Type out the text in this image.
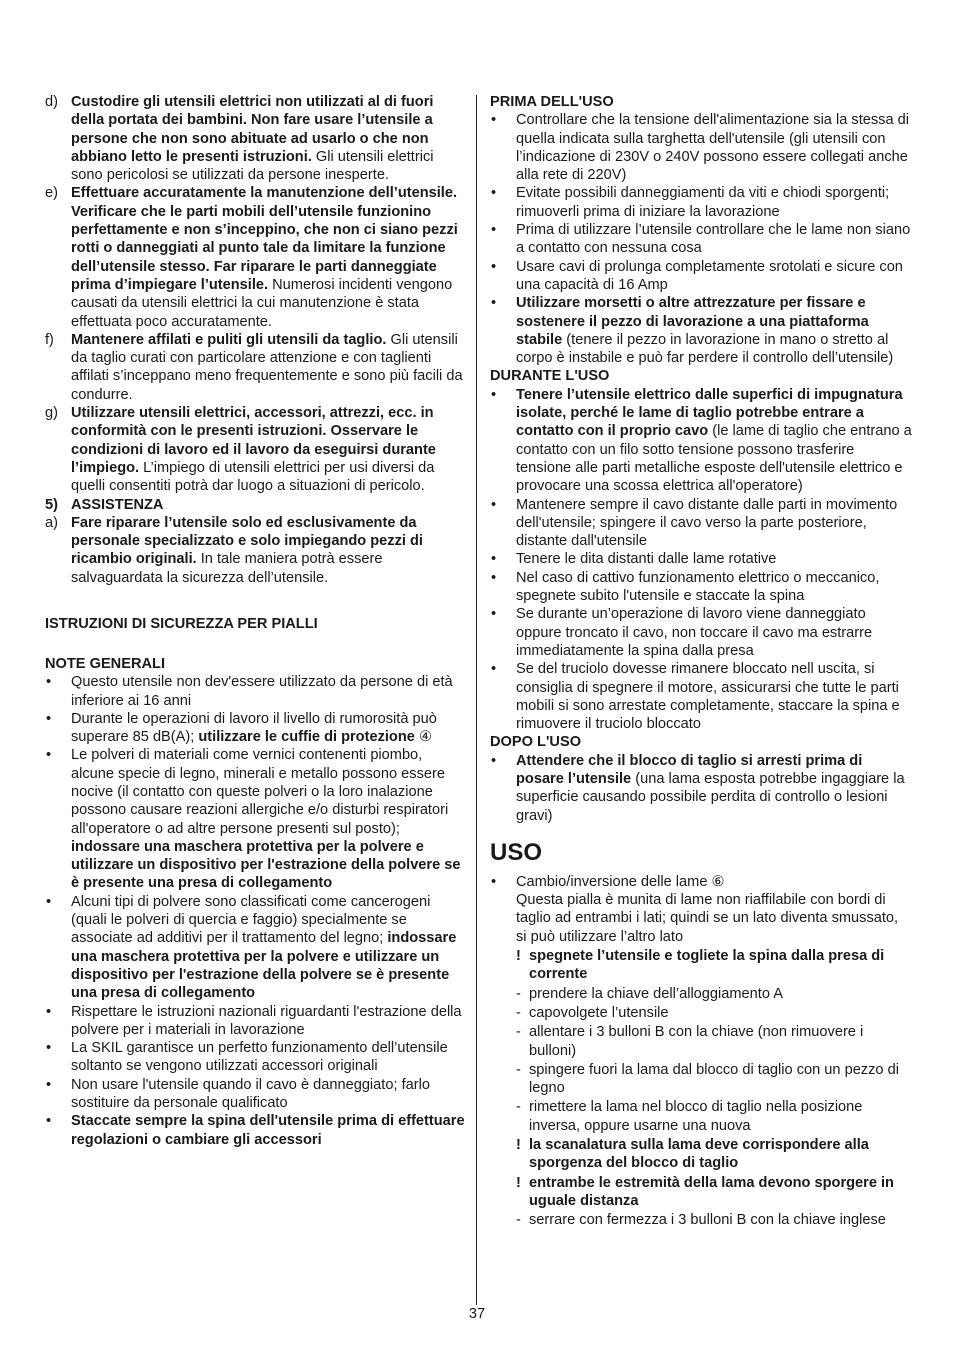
d) Custodire gli utensili elettrici non utilizzati al di fuori della portata dei bambini. Non fare usare l’utensile a persone che non sono abituate ad usarlo o che non abbiano letto le presenti istruzioni. Gli utensili elettrici sono pericolosi se utilizzati da persone inesperte.

e) Effettuare accuratamente la manutenzione dell’utensile. Verificare che le parti mobili dell’utensile funzionino perfettamente e non s’inceppino, che non ci siano pezzi rotti o danneggiati al punto tale da limitare la funzione dell’utensile stesso. Far riparare le parti danneggiate prima d’impiegare l’utensile. Numerosi incidenti vengono causati da utensili elettrici la cui manutenzione è stata effettuata poco accuratamente.

f) Mantenere affilati e puliti gli utensili da taglio. Gli utensili da taglio curati con particolare attenzione e con taglienti affilati s’inceppano meno frequentemente e sono più facili da condurre.

g) Utilizzare utensili elettrici, accessori, attrezzi, ecc. in conformità con le presenti istruzioni. Osservare le condizioni di lavoro ed il lavoro da eseguirsi durante l’impiego. L’impiego di utensili elettrici per usi diversi da quelli consentiti potrà dar luogo a situazioni di pericolo.

5) ASSISTENZA

a) Fare riparare l’utensile solo ed esclusivamente da personale specializzato e solo impiegando pezzi di ricambio originali. In tale maniera potrà essere salvaguardata la sicurezza dell’utensile.

ISTRUZIONI DI SICUREZZA PER PIALLI

NOTE GENERALI

• Questo utensile non dev'essere utilizzato da persone di età inferiore ai 16 anni

• Durante le operazioni di lavoro il livello di rumorosità può superare 85 dB(A); utilizzare le cuffie di protezione ④

• Le polveri di materiali come vernici contenenti piombo, alcune specie di legno, minerali e metallo possono essere nocive (il contatto con queste polveri o la loro inalazione possono causare reazioni allergiche e/o disturbi respiratori all'operatore o ad altre persone presenti sul posto); indossare una maschera protettiva per la polvere e utilizzare un dispositivo per l'estrazione della polvere se è presente una presa di collegamento

• Alcuni tipi di polvere sono classificati come cancerogeni (quali le polveri di quercia e faggio) specialmente se associate ad additivi per il trattamento del legno; indossare una maschera protettiva per la polvere e utilizzare un dispositivo per l'estrazione della polvere se è presente una presa di collegamento

• Rispettare le istruzioni nazionali riguardanti l'estrazione della polvere per i materiali in lavorazione

• La SKIL garantisce un perfetto funzionamento dell’utensile soltanto se vengono utilizzati accessori originali

• Non usare l'utensile quando il cavo è danneggiato; farlo sostituire da personale qualificato

• Staccate sempre la spina dell'utensile prima di effettuare regolazioni o cambiare gli accessori

PRIMA DELL'USO

• Controllare che la tensione dell'alimentazione sia la stessa di quella indicata sulla targhetta dell'utensile (gli utensili con l’indicazione di 230V o 240V possono essere collegati anche alla rete di 220V)

• Evitate possibili danneggiamenti da viti e chiodi sporgenti; rimuoverli prima di iniziare la lavorazione

• Prima di utilizzare l’utensile controllare che le lame non siano a contatto con nessuna cosa

• Usare cavi di prolunga completamente srotolati e sicure con una capacità di 16 Amp

• Utilizzare morsetti o altre attrezzature per fissare e sostenere il pezzo di lavorazione a una piattaforma stabile (tenere il pezzo in lavorazione in mano o stretto al corpo è instabile e può far perdere il controllo dell’utensile)

DURANTE L'USO

• Tenere l’utensile elettrico dalle superfici di impugnatura isolate, perché le lame di taglio potrebbe entrare a contatto con il proprio cavo (le lame di taglio che entrano a contatto con un filo sotto tensione possono trasferire tensione alle parti metalliche esposte dell'utensile elettrico e provocare una scossa elettrica all'operatore)

• Mantenere sempre il cavo distante dalle parti in movimento dell'utensile; spingere il cavo verso la parte posteriore, distante dall'utensile

• Tenere le dita distanti dalle lame rotative

• Nel caso di cattivo funzionamento elettrico o meccanico, spegnete subito l'utensile e staccate la spina

• Se durante un’operazione di lavoro viene danneggiato oppure troncato il cavo, non toccare il cavo ma estrarre immediatamente la spina dalla presa

• Se del truciolo dovesse rimanere bloccato nell uscita, si consiglia di spegnere il motore, assicurarsi che tutte le parti mobili si sono arrestate completamente, staccare la spina e rimuovere il truciolo bloccato

DOPO L'USO

• Attendere che il blocco di taglio si arresti prima di posare l’utensile (una lama esposta potrebbe ingaggiare la superficie causando possibile perdita di controllo o lesioni gravi)

USO

• Cambio/inversione delle lame ⑥
Questa pialla è munita di lame non riaffilabile con bordi di taglio ad entrambi i lati; quindi se un lato diventa smussato, si può utilizzare l’altro lato

! spegnete l’utensile e togliete la spina dalla presa di corrente

- prendere la chiave dell’alloggiamento A

- capovolgete l’utensile

- allentare i 3 bulloni B con la chiave (non rimuovere i bulloni)

- spingere fuori la lama dal blocco di taglio con un pezzo di legno

- rimettere la lama nel blocco di taglio nella posizione inversa, oppure usarne una nuova

! la scanalatura sulla lama deve corrispondere alla sporgenza del blocco di taglio

! entrambe le estremità della lama devono sporgere in uguale distanza

- serrare con fermezza i 3 bulloni B con la chiave inglese

37
